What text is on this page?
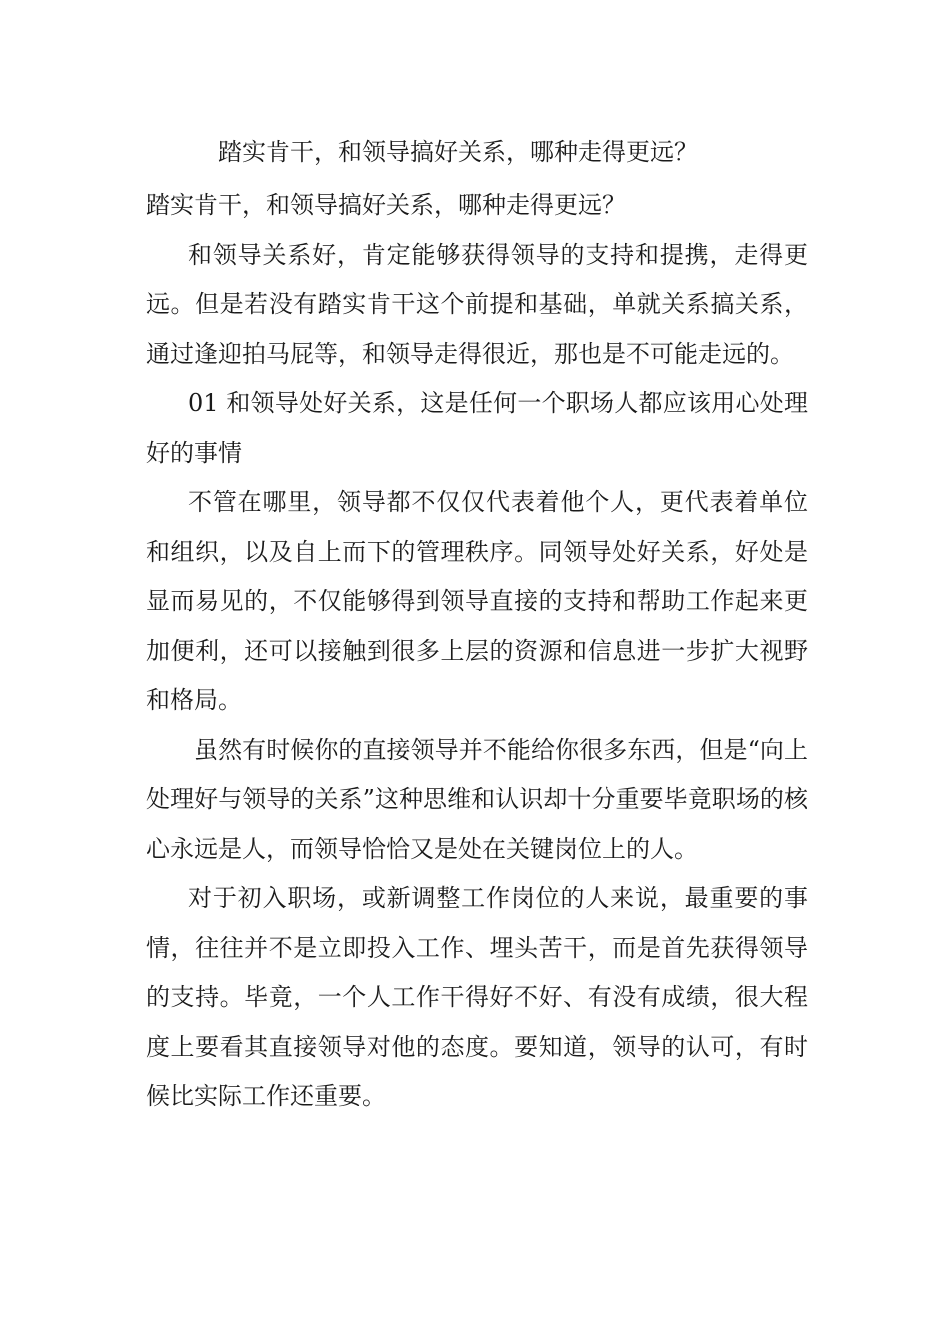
踏实肯干，和领导搞好关系，哪种走得更远？

踏实肯干，和领导搞好关系，哪种走得更远？

和领导关系好，肯定能够获得领导的支持和提携，走得更远。但是若没有踏实肯干这个前提和基础，单就关系搞关系，通过逢迎拍马屁等，和领导走得很近，那也是不可能走远的。

01 和领导处好关系，这是任何一个职场人都应该用心处理好的事情

不管在哪里，领导都不仅仅代表着他个人，更代表着单位和组织，以及自上而下的管理秩序。同领导处好关系，好处是显而易见的，不仅能够得到领导直接的支持和帮助工作起来更加便利，还可以接触到很多上层的资源和信息进一步扩大视野和格局。

虽然有时候你的直接领导并不能给你很多东西，但是“向上处理好与领导的关系”这种思维和认识却十分重要毕竟职场的核心永远是人，而领导恰恰又是处在关键岗位上的人。

对于初入职场，或新调整工作岗位的人来说，最重要的事情，往往并不是立即投入工作、埋头苦干，而是首先获得领导的支持。毕竟，一个人工作干得好不好、有没有成绩，很大程度上要看其直接领导对他的态度。要知道，领导的认可，有时候比实际工作还重要。
